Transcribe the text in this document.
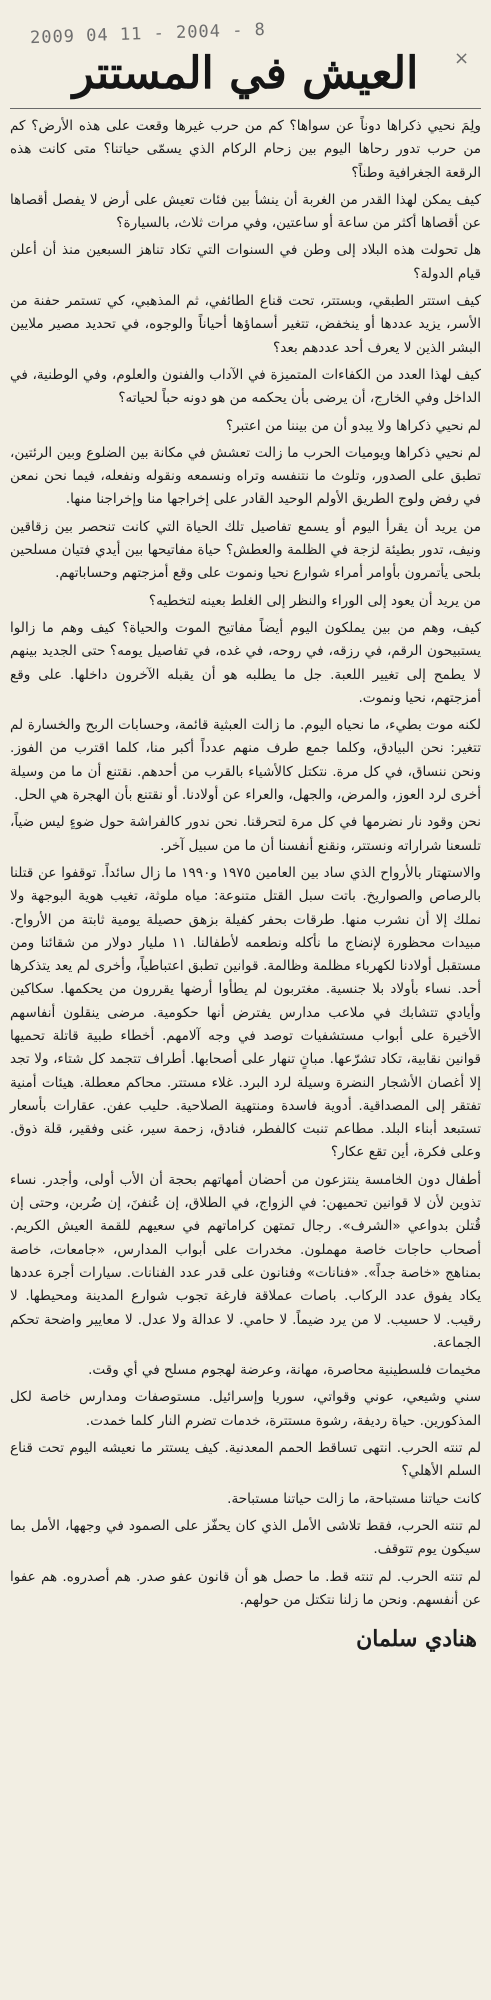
2009 04 11 - 2004 - 8
×
العيش في المستتر

ولِمَ نحيي ذكراها دوناً عن سواها؟ كم من حرب غيرها وقعت على هذه الأرض؟ كم من حرب تدور رحاها اليوم بين زحام الركام الذي يسمّى حياتنا؟ متى كانت هذه الرقعة الجغرافية وطناً؟

كيف يمكن لهذا القدر من الغربة أن ينشأ بين فئات تعيش على أرض لا يفصل أقصاها عن أقصاها أكثر من ساعة أو ساعتين، وفي مرات ثلاث، بالسيارة؟

هل تحولت هذه البلاد إلى وطن في السنوات التي تكاد تناهز السبعين منذ أن أعلن قيام الدولة؟

كيف استتر الطبقي، وبستتر، تحت قناع الطائفي، ثم المذهبي، كي تستمر حفنة من الأسر، يزيد عددها أو ينخفض، تتغير أسماؤها أحياناً والوجوه، في تحديد مصير ملايين البشر الذين لا يعرف أحد عددهم بعد؟

كيف لهذا العدد من الكفاءات المتميزة في الآداب والفنون والعلوم، وفي الوطنية، في الداخل وفي الخارج، أن يرضى بأن يحكمه من هو دونه حباً لحياته؟

لم نحيي ذكراها ولا يبدو أن من بيننا من اعتبر؟

لم نحيي ذكراها ويوميات الحرب ما زالت تعشش في مكانة بين الضلوع وبين الرئتين، تطبق على الصدور، وتلوث ما نتنفسه وتراه ونسمعه ونقوله ونفعله، فيما نحن نمعن في رفض ولوج الطريق الأولم الوحيد القادر على إخراجها منا وإخراجنا منها.

من يريد أن يقرأ اليوم أو يسمع تفاصيل تلك الحياة التي كانت تنحصر بين زقاقين ونيف، تدور بطيئة لزجة في الظلمة والعطش؟ حياة مفاتيحها بين أيدي فتيان مسلحين بلحى يأتمرون بأوامر أمراء شوارع نحيا ونموت على وقع أمزجتهم وحساباتهم.

من يريد أن يعود إلى الوراء والنظر إلى الغلط بعينه لتخطيه؟

كيف، وهم من بين يملكون اليوم أيضاً مفاتيح الموت والحياة؟ كيف وهم ما زالوا يستبيحون الرقم، في رزقه، في روحه، في غده، في تفاصيل يومه؟ حتى الجديد بينهم لا يطمح إلى تغيير اللعبة. جل ما يطلبه هو أن يقبله الآخرون داخلها. على وقع أمزجتهم، نحيا ونموت.

لكنه موت بطيء، ما نحياه اليوم. ما زالت العبثية قائمة، وحسابات الربح والخسارة لم تتغير: نحن البيادق، وكلما جمع طرف منهم عدداً أكبر منا، كلما اقترب من الفوز. ونحن ننساق، في كل مرة. نتكتل كالأشياء بالقرب من أحدهم. نقتنع أن ما من وسيلة أخرى لرد العوز، والمرض، والجهل، والعراء عن أولادنا. أو نقتنع بأن الهجرة هي الحل.

نحن وقود نار نضرمها في كل مرة لتحرقنا. نحن ندور كالفراشة حول ضوءٍ ليس ضياً، تلسعنا شراراته ونستتر، ونقنع أنفسنا أن ما من سبيل آخر.

والاستهتار بالأرواح الذي ساد بين العامين ١٩٧٥ و١٩٩٠ ما زال سائداً. توقفوا عن قتلنا بالرصاص والصواريخ. باتت سبل القتل متنوعة: مياه ملوثة، تغيب هوية البوجهة ولا نملك إلا أن نشرب منها. طرقات بحفر كفيلة بزهق حصيلة يومية ثابتة من الأرواح. مبيدات محظورة لإنضاج ما نأكله ونطعمه لأطفالنا. ١١ مليار دولار من شقائنا ومن مستقبل أولادنا لكهرباء مظلمة وظالمة. قوانين تطبق اعتباطياً، وأخرى لم يعد يتذكرها أحد. نساء بأولاد بلا جنسية. مغتربون لم يطأوا أرضها يقررون من يحكمها. سكاكين وأيادي تتشابك في ملاعب مدارس يفترض أنها حكومية. مرضى ينقلون أنفاسهم الأخيرة على أبواب مستشفيات توصد في وجه آلامهم. أخطاء طبية قاتلة تحميها قوانين نقابية، تكاد تشرّعها. مبانٍ تنهار على أصحابها. أطراف تتجمد كل شتاء، ولا تجد إلا أغصان الأشجار النضرة وسيلة لرد البرد. غلاء مستتر. محاكم معطلة. هيئات أمنية تفتقر إلى المصداقية. أدوية فاسدة ومنتهية الصلاحية. حليب عفن. عقارات بأسعار تستبعد أبناء البلد. مطاعم تنبت كالفطر، فنادق، زحمة سير، غنى وفقير، قلة ذوق. وعلى فكرة، أين تقع عكار؟

أطفال دون الخامسة ينتزعون من أحضان أمهاتهم بحجة أن الأب أولى، وأجدر. نساء تذوين لأن لا قوانين تحميهن: في الزواج، في الطلاق، إن عُنفنَ، إن ضُربن، وحتى إن قُتلن بدواعي «الشرف». رجال تمتهن كراماتهم في سعيهم للقمة العيش الكريم. أصحاب حاجات خاصة مهملون. مخدرات على أبواب المدارس، «جامعات، خاصة بمناهج «خاصة جداً». «فنانات» وفنانون على قدر عدد الفنانات. سيارات أجرة عددها يكاد يفوق عدد الركاب. باصات عملاقة فارغة تجوب شوارع المدينة ومحيطها. لا رقيب. لا حسيب. لا من يرد ضيماً. لا حامي. لا عدالة ولا عدل. لا معايير واضحة تحكم الجماعة.

مخيمات فلسطينية محاصرة، مهانة، وعرضة لهجوم مسلح في أي وقت.

سني وشيعي، عوني وقواتي، سوريا وإسرائيل. مستوصفات ومدارس خاصة لكل المذكورين. حياة رديفة، رشوة مستترة، خدمات تضرم النار كلما خمدت.

لم تنته الحرب. انتهى تساقط الحمم المعدنية. كيف يستتر ما نعيشه اليوم تحت قناع السلم الأهلي؟

كانت حياتنا مستباحة، ما زالت حياتنا مستباحة.

لم تنته الحرب، فقط تلاشى الأمل الذي كان يحفّز على الصمود في وجهها، الأمل بما سيكون يوم تتوقف.

لم تنته الحرب. لم تنته قط. ما حصل هو أن قانون عفو صدر. هم أصدروه. هم عفوا عن أنفسهم. ونحن ما زلنا نتكتل من حولهم.

هنادي سلمان
